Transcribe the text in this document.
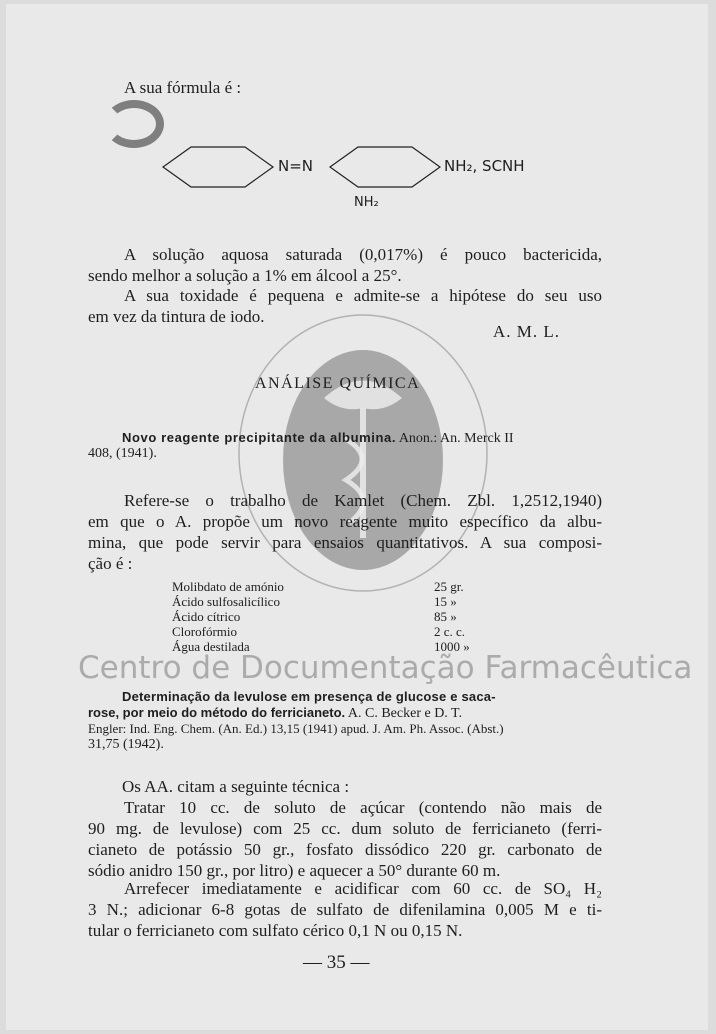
A sua fórmula é :
N=N	NH₂, SCNH
NH₂
A solução aquosa saturada (0,017%) é pouco bactericida,
sendo melhor a solução a 1% em álcool a 25°.
A sua toxidade é pequena e admite-se a hipótese do seu uso
em vez da tintura de iodo.
A. M. L.
ANÁLISE QUÍMICA
Novo reagente precipitante da albumina. Anon.: An. Merck II
408, (1941).
Refere-se o trabalho de Kamlet (Chem. Zbl. 1,2512,1940)
em que o A. propõe um novo reagente muito específico da albu-
mina, que pode servir para ensaios quantitativos. A sua composi-
ção é :
Molibdato de amónio	25 gr.
Ácido sulfosalicílico	15 »
Ácido cítrico	85 »
Clorofórmio	2 c. c.
Água destilada	1000 »
Centro de Documentação Farmacêutica
Determinação da levulose em presença de glucose e saca-
rose, por meio do método do ferricianeto. A. C. Becker e D. T.
Engler: Ind. Eng. Chem. (An. Ed.) 13,15 (1941) apud. J. Am. Ph. Assoc. (Abst.)
31,75 (1942).
Os AA. citam a seguinte técnica :
Tratar 10 cc. de soluto de açúcar (contendo não mais de
90 mg. de levulose) com 25 cc. dum soluto de ferricianeto (ferri-
cianeto de potássio 50 gr., fosfato dissódico 220 gr. carbonato de
sódio anidro 150 gr., por litro) e aquecer a 50° durante 60 m.
Arrefecer imediatamente e acidificar com 60 cc. de SO₄ H₂
3 N.; adicionar 6-8 gotas de sulfato de difenilamina 0,005 M e ti-
tular o ferricianeto com sulfato cérico 0,1 N ou 0,15 N.
— 35 —
